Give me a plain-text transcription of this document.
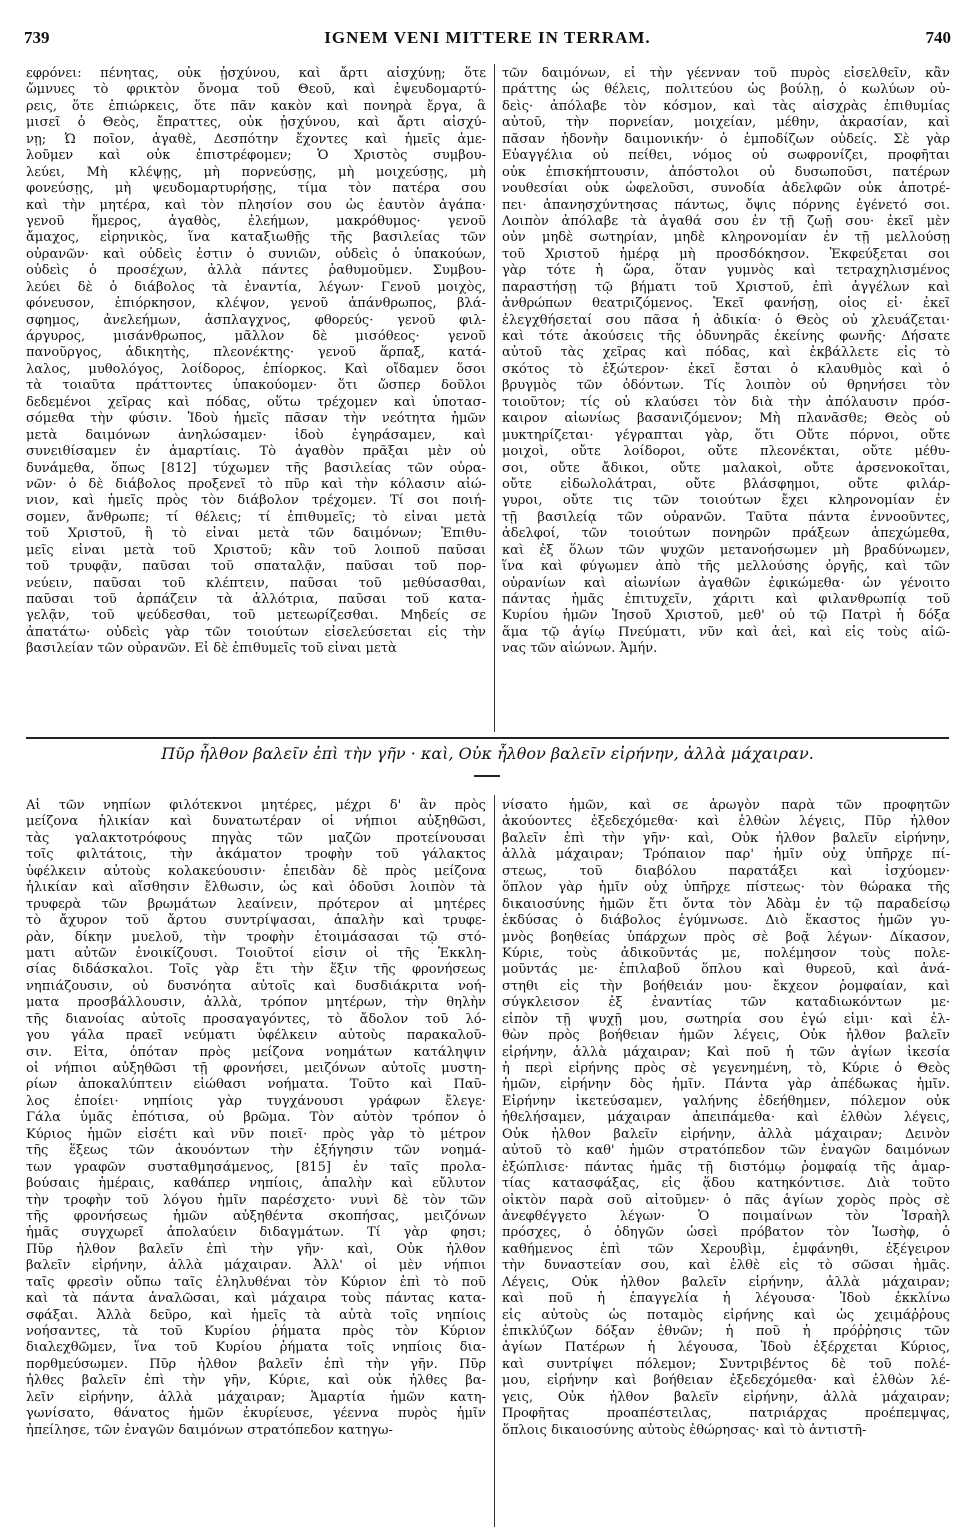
739	IGNEM VENI MITTERE IN TERRAM.	740
εφρόνει: πένητας, οὐκ ᾐσχύνου, καὶ ἄρτι αἰσχύνῃ; ὅτε
ὤμνυες τὸ φρικτὸν ὄνομα τοῦ Θεοῦ, καὶ ἐψευδομαρτύ-
ρεις, ὅτε ἐπιώρκεις, ὅτε πᾶν κακὸν καὶ πονηρὰ ἔργα, ἃ
μισεῖ ὁ Θεὸς, ἔπραττες, οὐκ ᾐσχύνου, καὶ ἄρτι αἰσχύ-
νῃ; Ὦ ποῖον, ἀγαθὲ, Δεσπότην ἔχοντες καὶ ἡμεῖς ἀμε-
λοῦμεν καὶ οὐκ ἐπιστρέφομεν; Ὁ Χριστὸς συμβου-
λεύει, Μὴ κλέψῃς, μὴ πορνεύσῃς, μὴ μοιχεύσῃς, μὴ
φονεύσῃς, μὴ ψευδομαρτυρήσῃς, τίμα τὸν πατέρα σου
καὶ τὴν μητέρα, καὶ τὸν πλησίον σου ὡς ἑαυτὸν ἀγάπα·
γενοῦ ἥμερος, ἀγαθὸς, ἐλεήμων, μακρόθυμος· γενοῦ
ἄμαχος, εἰρηνικὸς, ἵνα καταξιωθῇς τῆς βασιλείας τῶν
οὐρανῶν· καὶ οὐδεὶς ἐστιν ὁ συνιῶν, οὐδεὶς ὁ ὑπακούων,
οὐδεὶς ὁ προσέχων, ἀλλὰ πάντες ῥαθυμοῦμεν. Συμβου-
λεύει δὲ ὁ διάβολος τὰ ἐναντία, λέγων· Γενοῦ μοιχὸς,
φόνευσον, ἐπιόρκησον, κλέψον, γενοῦ ἀπάνθρωπος, βλά-
σφημος, ἀνελεήμων, ἀσπλαγχνος, φθορεύς· γενοῦ φιλ-
άργυρος, μισάνθρωπος, μᾶλλον δὲ μισόθεος· γενοῦ
πανοῦργος, ἀδικητὴς, πλεονέκτης· γενοῦ ἅρπαξ, κατά-
λαλος, μυθολόγος, λοίδορος, ἐπίορκος. Καὶ οἴδαμεν ὅσοι
τὰ τοιαῦτα πράττοντες ὑπακούομεν· ὅτι ὥσπερ δοῦλοι
δεδεμένοι χεῖρας καὶ πόδας, οὕτω τρέχομεν καὶ ὑποτασ-
σόμεθα τὴν φύσιν. Ἰδοὺ ἡμεῖς πᾶσαν τὴν νεότητα ἡμῶν
μετὰ δαιμόνων ἀνηλώσαμεν· ἰδοὺ ἐγηράσαμεν, καὶ
συνειθίσαμεν ἐν ἁμαρτίαις. Τὸ ἀγαθὸν πρᾶξαι μὲν οὐ
δυνάμεθα, ὅπως [812] τύχωμεν τῆς βασιλείας τῶν οὐρα-
νῶν· ὁ δὲ διάβολος προξενεῖ τὸ πῦρ καὶ τὴν κόλασιν αἰώ-
νιον, καὶ ἡμεῖς πρὸς τὸν διάβολον τρέχομεν. Τί σοι ποιή-
σομεν, ἄνθρωπε; τί θέλεις; τί ἐπιθυμεῖς; τὸ εἶναι μετὰ
τοῦ Χριστοῦ, ἢ τὸ εἶναι μετὰ τῶν δαιμόνων; Ἐπιθυ-
μεῖς εἶναι μετὰ τοῦ Χριστοῦ; κἂν τοῦ λοιποῦ παῦσαι
τοῦ τρυφᾷν, παῦσαι τοῦ σπαταλᾷν, παῦσαι τοῦ πορ-
νεύειν, παῦσαι τοῦ κλέπτειν, παῦσαι τοῦ μεθύσασθαι,
παῦσαι τοῦ ἁρπάζειν τὰ ἀλλότρια, παῦσαι τοῦ κατα-
γελᾷν, τοῦ ψεύδεσθαι, τοῦ μετεωρίζεσθαι. Μηδείς σε
ἀπατάτω· οὐδεὶς γὰρ τῶν τοιούτων εἰσελεύσεται εἰς τὴν
βασιλείαν τῶν οὐρανῶν. Εἰ δὲ ἐπιθυμεῖς τοῦ εἶναι μετὰ
τῶν δαιμόνων, εἰ τὴν γέενναν τοῦ πυρὸς εἰσελθεῖν, κἂν
πράττης ὡς θέλεις, πολιτεύου ὡς βούλῃ, ὁ κωλύων οὐ-
δεὶς· ἀπόλαβε τὸν κόσμον, καὶ τὰς αἰσχρὰς ἐπιθυμίας
αὐτοῦ, τὴν πορνείαν, μοιχείαν, μέθην, ἀκρασίαν, καὶ
πᾶσαν ἡδονὴν δαιμονικήν· ὁ ἐμποδίζων οὐδείς. Σὲ γὰρ
Εὐαγγέλια οὐ πείθει, νόμος οὐ σωφρονίζει, προφῆται
οὐκ ἐπισκήπτουσιν, ἀπόστολοι οὐ δυσωποῦσι, πατέρων
νουθεσίαι οὐκ ὠφελοῦσι, συνοδία ἀδελφῶν οὐκ ἀποτρέ-
πει· ἀπανησχύντησας πάντως, ὄψις πόρνης ἐγένετό σοι.
Λοιπὸν ἀπόλαβε τὰ ἀγαθά σου ἐν τῇ ζωῇ σου· ἐκεῖ μὲν
οὖν μηδὲ σωτηρίαν, μηδὲ κληρονομίαν ἐν τῇ μελλούσῃ
τοῦ Χριστοῦ ἡμέρᾳ μὴ προσδόκησον. Ἐκφεύξεται σοι
γὰρ τότε ἡ ὥρα, ὅταν γυμνὸς καὶ τετραχηλισμένος
παραστήσῃ τῷ βήματι τοῦ Χριστοῦ, ἐπὶ ἀγγέλων καὶ
ἀνθρώπων θεατριζόμενος. Ἐκεῖ φανήσῃ, οἷος εἶ· ἐκεῖ
ἐλεγχθήσεταί σου πᾶσα ἡ ἀδικία· ὁ Θεὸς οὐ χλευάζεται·
καὶ τότε ἀκούσεις τῆς ὀδυνηρᾶς ἐκείνης φωνῆς· Δήσατε
αὐτοῦ τὰς χεῖρας καὶ πόδας, καὶ ἐκβάλλετε εἰς τὸ
σκότος τὸ ἐξώτερον· ἐκεῖ ἔσται ὁ κλαυθμὸς καὶ ὁ
βρυγμὸς τῶν ὀδόντων. Τίς λοιπὸν οὐ θρηνήσει τὸν
τοιοῦτον; τίς οὐ κλαύσει τὸν διὰ τὴν ἀπόλαυσιν πρόσ-
καιρον αἰωνίως βασανιζόμενον; Μὴ πλανᾶσθε; Θεὸς οὐ
μυκτηρίζεται· γέγραπται γὰρ, ὅτι Οὔτε πόρνοι, οὔτε
μοιχοὶ, οὔτε λοίδοροι, οὔτε πλεονέκται, οὔτε μέθυ-
σοι, οὔτε ἄδικοι, οὔτε μαλακοὶ, οὔτε ἀρσενοκοῖται,
οὔτε εἰδωλολάτραι, οὔτε βλάσφημοι, οὔτε φιλάρ-
γυροι, οὔτε τις τῶν τοιούτων ἔχει κληρονομίαν ἐν
τῇ βασιλείᾳ τῶν οὐρανῶν. Ταῦτα πάντα ἐννοοῦντες,
ἀδελφοί, τῶν τοιούτων πονηρῶν πράξεων ἀπεχώμεθα,
καὶ ἐξ ὅλων τῶν ψυχῶν μετανοήσωμεν μὴ βραδύνωμεν,
ἵνα καὶ φύγωμεν ἀπὸ τῆς μελλούσης ὀργῆς, καὶ τῶν
οὐρανίων καὶ αἰωνίων ἀγαθῶν ἐφικώμεθα· ὧν γένοιτο
πάντας ἡμᾶς ἐπιτυχεῖν, χάριτι καὶ φιλανθρωπίᾳ τοῦ
Κυρίου ἡμῶν Ἰησοῦ Χριστοῦ, μεθ' οὗ τῷ Πατρὶ ἡ δόξα
ἅμα τῷ ἁγίῳ Πνεύματι, νῦν καὶ ἀεὶ, καὶ εἰς τοὺς αἰῶ-
νας τῶν αἰώνων. Ἀμήν.
Πῦρ ἦλθον βαλεῖν ἐπὶ τὴν γῆν · καὶ, Οὐκ ἦλθον βαλεῖν εἰρήνην, ἀλλὰ μάχαιραν.
Αἱ τῶν νηπίων φιλότεκνοι μητέρες, μέχρι δ' ἂν πρὸς
μείζονα ἡλικίαν καὶ δυνατωτέραν οἱ νήπιοι αὐξηθῶσι,
τὰς γαλακτοτρόφους πηγὰς τῶν μαζῶν προτείνουσαι
τοῖς φιλτάτοις, τὴν ἀκάματον τροφὴν τοῦ γάλακτος
ὑφέλκειν αὐτοὺς κολακεύουσιν· ἐπειδὰν δὲ πρὸς μείζονα
ἡλικίαν καὶ αἴσθησιν ἔλθωσιν, ὡς καὶ ὀδοῦσι λοιπὸν τὰ
τρυφερὰ τῶν βρωμάτων λεαίνειν, πρότερον αἱ μητέρες
τὸ ἄχυρον τοῦ ἄρτου συντρίψασαι, ἁπαλὴν καὶ τρυφε-
ρὰν, δίκην μυελοῦ, τὴν τροφὴν ἑτοιμάσασαι τῷ στό-
ματι αὐτῶν ἐνοικίζουσι. Τοιοῦτοί εἰσιν οἱ τῆς Ἐκκλη-
σίας διδάσκαλοι. Τοῖς γὰρ ἔτι τὴν ἕξιν τῆς φρονήσεως
νηπιάζουσιν, οὐ δυσνόητα αὐτοῖς καὶ δυσδιάκριτα νοή-
ματα προσβάλλουσιν, ἀλλὰ, τρόπον μητέρων, τὴν θηλὴν
τῆς διανοίας αὐτοῖς προσαγαγόντες, τὸ ἄδολον τοῦ λό-
γου γάλα πραεῖ νεύματι ὑφέλκειν αὐτοὺς παρακαλοῦ-
σιν. Εἶτα, ὁπόταν πρὸς μείζονα νοημάτων κατάληψιν
οἱ νήπιοι αὐξηθῶσι τῇ φρονήσει, μειζόνων αὐτοῖς μυστη-
ρίων ἀποκαλύπτειν εἰώθασι νοήματα. Τοῦτο καὶ Παῦ-
λος ἐποίει· νηπίοις γὰρ τυγχάνουσι γράφων ἔλεγε·
Γάλα ὑμᾶς ἐπότισα, οὐ βρῶμα. Τὸν αὐτὸν τρόπον ὁ
Κύριος ἡμῶν εἰσέτι καὶ νῦν ποιεῖ· πρὸς γὰρ τὸ μέτρον
τῆς ἕξεως τῶν ἀκουόντων τὴν ἐξήγησιν τῶν νοημά-
των γραφῶν συσταθμησάμενος, [815] ἐν ταῖς προλα-
βούσαις ἡμέραις, καθάπερ νηπίοις, ἁπαλὴν καὶ εὔλυτον
τὴν τροφὴν τοῦ λόγου ἡμῖν παρέσχετο· νυνὶ δὲ τὸν τῶν
τῆς φρονήσεως ἡμῶν αὐξηθέντα σκοπήσας, μειζόνων
ἡμᾶς συγχωρεῖ ἀπολαύειν διδαγμάτων. Τί γὰρ φησι;
Πῦρ ἦλθον βαλεῖν ἐπὶ τὴν γῆν· καὶ, Οὐκ ἦλθον
βαλεῖν εἰρήνην, ἀλλὰ μάχαιραν. Ἀλλ' οἱ μὲν νήπιοι
ταῖς φρεσὶν οὔπω ταῖς ἐληλυθέναι τὸν Κύριον ἐπὶ τὸ ποῦ
καὶ τὰ πάντα ἀναλῶσαι, καὶ μάχαιρα τοὺς πάντας κατα-
σφάξαι. Ἀλλὰ δεῦρο, καὶ ἡμεῖς τὰ αὐτὰ τοῖς νηπίοις
νοήσαντες, τὰ τοῦ Κυρίου ῥήματα πρὸς τὸν Κύριον
διαλεχθῶμεν, ἵνα τοῦ Κυρίου ῥήματα τοῖς νηπίοις δια-
πορθμεύσωμεν. Πῦρ ἦλθον βαλεῖν ἐπὶ τὴν γῆν. Πῦρ
ἦλθες βαλεῖν ἐπὶ τὴν γῆν, Κύριε, καὶ οὐκ ἦλθες βα-
λεῖν εἰρήνην, ἀλλὰ μάχαιραν; Ἁμαρτία ἡμῶν κατη-
γωνίσατο, θάνατος ἡμῶν ἐκυρίευσε, γέεννα πυρὸς ἡμῖν
ἠπείλησε, τῶν ἐναγῶν δαιμόνων στρατόπεδον κατηγω-
νίσατο ἡμῶν, καὶ σε ἀρωγὸν παρὰ τῶν προφητῶν
ἀκούοντες ἐξεδεχόμεθα· καὶ ἐλθὼν λέγεις, Πῦρ ἦλθον
βαλεῖν ἐπὶ τὴν γῆν· καὶ, Οὐκ ἦλθον βαλεῖν εἰρήνην,
ἀλλὰ μάχαιραν; Τρόπαιον παρ' ἡμῖν οὐχ ὑπῆρχε πί-
στεως, τοῦ διαβόλου παρατάξει καὶ ἰσχύομεν·
ὅπλον γὰρ ἡμῖν οὐχ ὑπῆρχε πίστεως· τὸν θώρακα τῆς
δικαιοσύνης ἡμῶν ἔτι ὄντα τὸν Ἀδὰμ ἐν τῷ παραδείσῳ
ἐκδύσας ὁ διάβολος ἐγύμνωσε. Διὸ ἕκαστος ἡμῶν γυ-
μνὸς βοηθείας ὑπάρχων πρὸς σὲ βοᾷ λέγων· Δίκασον,
Κύριε, τοὺς ἀδικοῦντάς με, πολέμησον τοὺς πολε-
μοῦντάς με· ἐπιλαβοῦ ὅπλου καὶ θυρεοῦ, καὶ ἀνά-
στηθι εἰς τὴν βοήθειάν μου· ἔκχεον ῥομφαίαν, καὶ
σύγκλεισον ἐξ ἐναντίας τῶν καταδιωκόντων με·
εἰπὸν τῇ ψυχῇ μου, σωτηρία σου ἐγώ εἰμι· καὶ ἐλ-
θὼν πρὸς βοήθειαν ἡμῶν λέγεις, Οὐκ ἦλθον βαλεῖν
εἰρήνην, ἀλλὰ μάχαιραν; Καὶ ποῦ ἡ τῶν ἁγίων ἱκεσία
ἡ περὶ εἰρήνης πρὸς σὲ γεγενημένη, τὸ, Κύριε ὁ Θεὸς
ἡμῶν, εἰρήνην δὸς ἡμῖν. Πάντα γὰρ ἀπέδωκας ἡμῖν.
Εἰρήνην ἱκετεύσαμεν, γαλήνης ἐδεήθημεν, πόλεμον οὐκ
ἠθελήσαμεν, μάχαιραν ἀπειπάμεθα· καὶ ἐλθὼν λέγεις,
Οὐκ ἦλθον βαλεῖν εἰρήνην, ἀλλὰ μάχαιραν; Δεινὸν
αὐτοῦ τὸ καθ' ἡμῶν στρατόπεδον τῶν ἐναγῶν δαιμόνων
ἐξώπλισε· πάντας ἡμᾶς τῇ διστόμῳ ῥομφαίᾳ τῆς ἁμαρ-
τίας κατασφάξας, εἰς ᾅδου κατηκόντισε. Διὰ τοῦτο
οἰκτὸν παρὰ σοῦ αἰτοῦμεν· ὁ πᾶς ἁγίων χορὸς πρὸς σὲ
ἀνεφθέγγετο λέγων· Ὁ ποιμαίνων τὸν Ἰσραὴλ
πρόσχες, ὁ ὁδηγῶν ὡσεὶ πρόβατον τὸν Ἰωσὴφ, ὁ
καθήμενος ἐπὶ τῶν Χερουβὶμ, ἐμφάνηθι, ἐξέγειρον
τὴν δυναστείαν σου, καὶ ἐλθὲ εἰς τὸ σῶσαι ἡμᾶς.
Λέγεις, Οὐκ ἦλθον βαλεῖν εἰρήνην, ἀλλὰ μάχαιραν;
καὶ ποῦ ἡ ἐπαγγελία ἡ λέγουσα· Ἰδοὺ ἐκκλίνω
εἰς αὐτοὺς ὡς ποταμὸς εἰρήνης καὶ ὡς χειμάῤῥους
ἐπικλύζων δόξαν ἐθνῶν; ἡ ποῦ ἡ πρόῤῥησις τῶν
ἁγίων Πατέρων ἡ λέγουσα, Ἰδοὺ ἐξέρχεται Κύριος,
καὶ συντρίψει πόλεμον; Συντριβέντος δὲ τοῦ πολέ-
μου, εἰρήνην καὶ βοήθειαν ἐξεδεχόμεθα· καὶ ἐλθὼν λέ-
γεις, Οὐκ ἦλθον βαλεῖν εἰρήνην, ἀλλὰ μάχαιραν;
Προφῆτας προαπέστειλας, πατριάρχας προέπεμψας,
ὅπλοις δικαιοσύνης αὐτοὺς ἐθώρησας· καὶ τὸ ἀντιστῆ-
